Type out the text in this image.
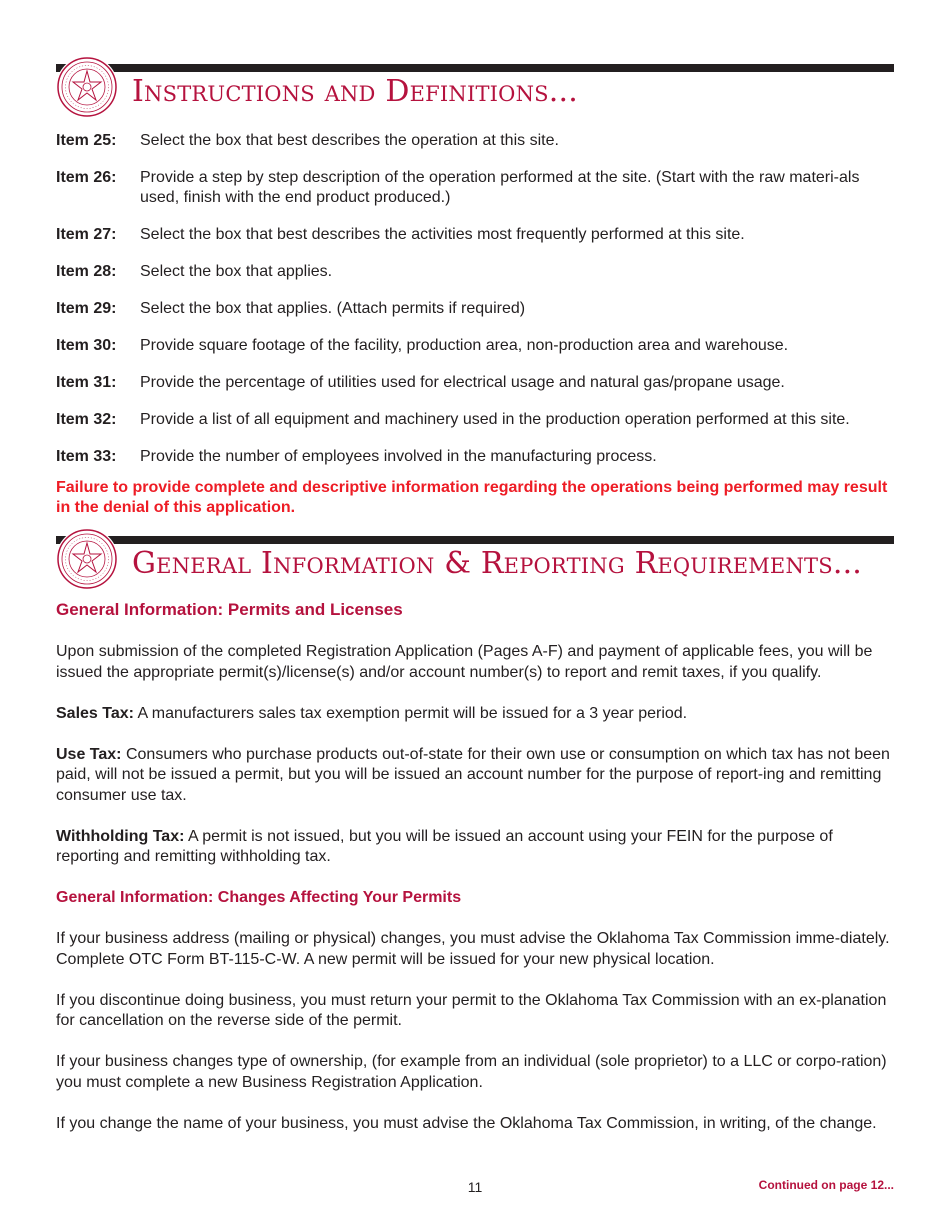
Instructions and Definitions...
Item 25:	Select the box that best describes the operation at this site.
Item 26:	Provide a step by step description of the operation performed at the site. (Start with the raw materi-als used, finish with the end product produced.)
Item 27:	Select the box that best describes the activities most frequently performed at this site.
Item 28:	Select the box that applies.
Item 29:	Select the box that applies. (Attach permits if required)
Item 30:	Provide square footage of the facility, production area, non-production area and warehouse.
Item 31:	Provide the percentage of utilities used for electrical usage and natural gas/propane usage.
Item 32:	Provide a list of all equipment and machinery used in the production operation performed at this site.
Item 33:	Provide the number of employees involved in the manufacturing process.
Failure to provide complete and descriptive information regarding the operations being performed may result in the denial of this application.
General Information & Reporting Requirements...
General Information: Permits and Licenses

Upon submission of the completed Registration Application (Pages A-F) and payment of applicable fees, you will be issued the appropriate permit(s)/license(s) and/or account number(s) to report and remit taxes, if you qualify.

Sales Tax: A manufacturers sales tax exemption permit will be issued for a 3 year period.

Use Tax: Consumers who purchase products out-of-state for their own use or consumption on which tax has not been paid, will not be issued a permit, but you will be issued an account number for the purpose of report-ing and remitting consumer use tax.

Withholding Tax: A permit is not issued, but you will be issued an account using your FEIN for the purpose of reporting and remitting withholding tax.

General Information: Changes Affecting Your Permits

If your business address (mailing or physical) changes, you must advise the Oklahoma Tax Commission imme-diately. Complete OTC Form BT-115-C-W. A new permit will be issued for your new physical location.

If you discontinue doing business, you must return your permit to the Oklahoma Tax Commission with an ex-planation for cancellation on the reverse side of the permit.

If your business changes type of ownership, (for example from an individual (sole proprietor) to a LLC or corpo-ration) you must complete a new Business Registration Application.

If you change the name of your business, you must advise the Oklahoma Tax Commission, in writing, of the change.

11	Continued on page 12...
